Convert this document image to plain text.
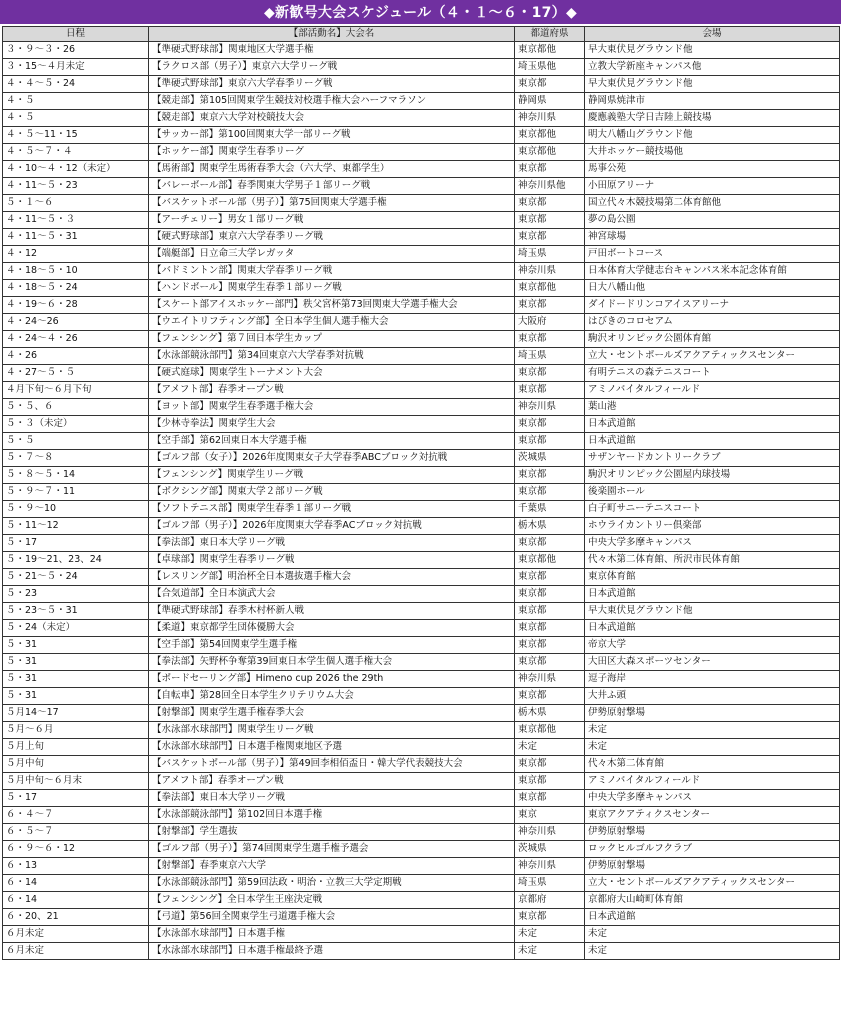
◆新歓号大会スケジュール（４・１～６・17）◆
日程	【部活動名】大会名	都道府県	会場
３・９～３・26	【準硬式野球部】関東地区大学選手権	東京都他	早大東伏見グラウンド他
３・15～４月未定	【ラクロス部（男子）】東京六大学リーグ戦	埼玉県他	立教大学新座キャンパス他
４・４～５・24	【準硬式野球部】東京六大学春季リーグ戦	東京都	早大東伏見グラウンド他
４・５	【競走部】第105回関東学生競技対校選手権大会ハーフマラソン	静岡県	静岡県焼津市
４・５	【競走部】東京六大学対校競技大会	神奈川県	慶應義塾大学日吉陸上競技場
４・５～11・15	【サッカー部】第100回関東大学一部リーグ戦	東京都他	明大八幡山グラウンド他
４・５～７・４	【ホッケー部】関東学生春季リーグ	東京都他	大井ホッケー競技場他
４・10～４・12（未定）	【馬術部】関東学生馬術春季大会（六大学、東都学生）	東京都	馬事公苑
４・11～５・23	【バレーボール部】春季関東大学男子１部リーグ戦	神奈川県他	小田原アリーナ
５・１～６	【バスケットボール部（男子）】第75回関東大学選手権	東京都	国立代々木競技場第二体育館他
４・11～５・３	【アーチェリー】男女１部リーグ戦	東京都	夢の島公園
４・11～５・31	【硬式野球部】東京六大学春季リーグ戦	東京都	神宮球場
４・12	【端艇部】日立命三大学レガッタ	埼玉県	戸田ボートコース
４・18～５・10	【バドミントン部】関東大学春季リーグ戦	神奈川県	日本体育大学健志台キャンパス米本記念体育館
４・18～５・24	【ハンドボール】関東学生春季１部リーグ戦	東京都他	日大八幡山他
４・19～６・28	【スケート部アイスホッケー部門】秩父宮杯第73回関東大学選手権大会	東京都	ダイドードリンコアイスアリーナ
４・24～26	【ウエイトリフティング部】全日本学生個人選手権大会	大阪府	はびきのコロセアム
４・24～４・26	【フェンシング】第７回日本学生カップ	東京都	駒沢オリンピック公園体育館
４・26	【水泳部競泳部門】第34回東京六大学春季対抗戦	埼玉県	立大・セントポールズアクアティックスセンター
４・27～５・５	【硬式庭球】関東学生トーナメント大会	東京都	有明テニスの森テニスコート
４月下旬～６月下旬	【アメフト部】春季オープン戦	東京都	アミノバイタルフィールド
５・５、６	【ヨット部】関東学生春季選手権大会	神奈川県	葉山港
５・３（未定）	【少林寺拳法】関東学生大会	東京都	日本武道館
５・５	【空手部】第62回東日本大学選手権	東京都	日本武道館
５・７～８	【ゴルフ部（女子）】2026年度関東女子大学春季ABCブロック対抗戦	茨城県	サザンヤードカントリークラブ
５・８～５・14	【フェンシング】関東学生リーグ戦	東京都	駒沢オリンピック公園屋内球技場
５・９～７・11	【ボクシング部】関東大学２部リーグ戦	東京都	後楽園ホール
５・９～10	【ソフトテニス部】関東学生春季１部リーグ戦	千葉県	白子町サニーテニスコート
５・11～12	【ゴルフ部（男子）】2026年度関東大学春季ACブロック対抗戦	栃木県	ホウライカントリー倶楽部
５・17	【拳法部】東日本大学リーグ戦	東京都	中央大学多摩キャンパス
５・19～21、23、24	【卓球部】関東学生春季リーグ戦	東京都他	代々木第二体育館、所沢市民体育館
５・21～５・24	【レスリング部】明治杯全日本選抜選手権大会	東京都	東京体育館
５・23	【合気道部】全日本演武大会	東京都	日本武道館
５・23～５・31	【準硬式野球部】春季木村杯新人戦	東京都	早大東伏見グラウンド他
５・24（未定）	【柔道】東京都学生団体優勝大会	東京都	日本武道館
５・31	【空手部】第54回関東学生選手権	東京都	帝京大学
５・31	【拳法部】矢野杯争奪第39回東日本学生個人選手権大会	東京都	大田区大森スポーツセンター
５・31	【ボードセーリング部】Himeno cup 2026 the 29th	神奈川県	逗子海岸
５・31	【自転車】第28回全日本学生クリテリウム大会	東京都	大井ふ頭
５月14～17	【射撃部】関東学生選手権春季大会	栃木県	伊勢原射撃場
５月～６月	【水泳部水球部門】関東学生リーグ戦	東京都他	未定
５月上旬	【水泳部水球部門】日本選手権関東地区予選	未定	未定
５月中旬	【バスケットボール部（男子）】第49回李相佰盃日・韓大学代表競技大会	東京都	代々木第二体育館
５月中旬～６月末	【アメフト部】春季オープン戦	東京都	アミノバイタルフィールド
５・17	【拳法部】東日本大学リーグ戦	東京都	中央大学多摩キャンパス
６・４～７	【水泳部競泳部門】第102回日本選手権	東京	東京アクアティクスセンター
６・５～７	【射撃部】学生選抜	神奈川県	伊勢原射撃場
６・９～６・12	【ゴルフ部（男子）】第74回関東学生選手権予選会	茨城県	ロックヒルゴルフクラブ
６・13	【射撃部】春季東京六大学	神奈川県	伊勢原射撃場
６・14	【水泳部競泳部門】第59回法政・明治・立教三大学定期戦	埼玉県	立大・セントポールズアクアティックスセンター
６・14	【フェンシング】全日本学生王座決定戦	京都府	京都府大山崎町体育館
６・20、21	【弓道】第56回全関東学生弓道選手権大会	東京都	日本武道館
６月未定	【水泳部水球部門】日本選手権	未定	未定
６月未定	【水泳部水球部門】日本選手権最終予選	未定	未定
